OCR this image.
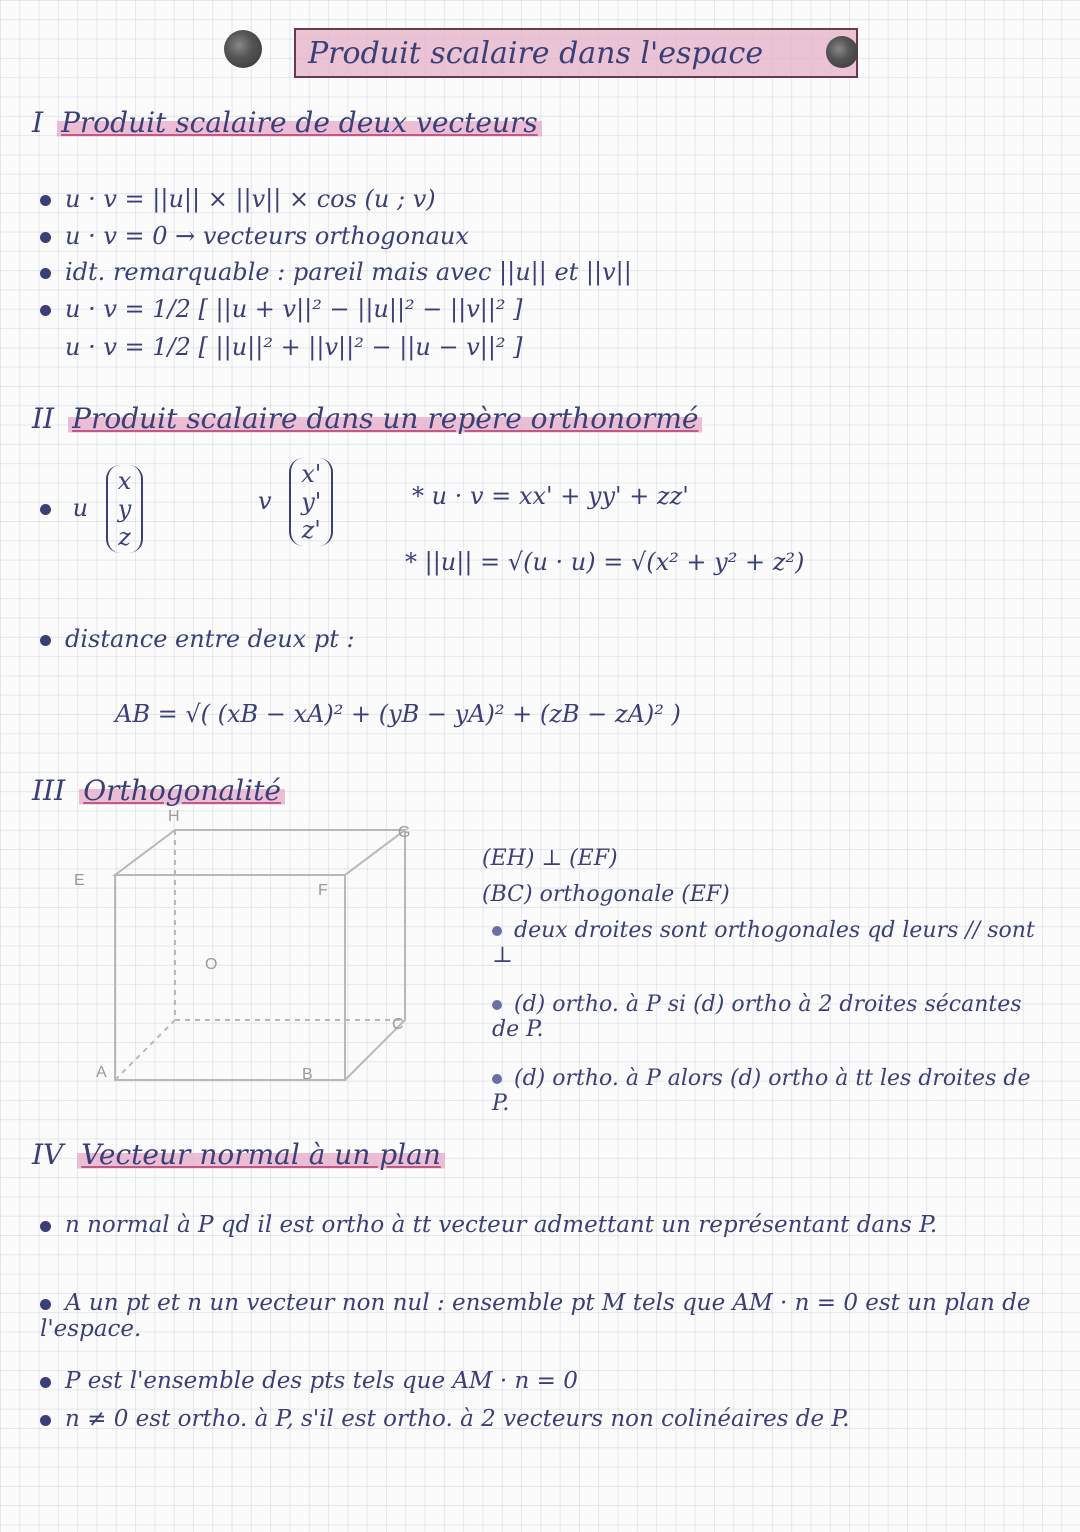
Produit scalaire dans l'espace
I Produit scalaire de deux vecteurs
u · v = ||u|| × ||v|| × cos (u ; v)
u · v = 0 → vecteurs orthogonaux
idt. remarquable : pareil mais avec ||u|| et ||v||
u · v = 1/2 [ ||u + v||² − ||u||² − ||v||² ]
u · v = 1/2 [ ||u||² + ||v||² − ||u − v||² ]
II Produit scalaire dans un repère orthonormé
u
x
y
z
v
x'
y'
z'
* u · v = xx' + yy' + zz'
* ||u|| = √(u · u) = √(x² + y² + z²)
distance entre deux pt :
AB = √( (xB − xA)² + (yB − yA)² + (zB − zA)² )
III Orthogonalité
H
E
F
G
O
A	B
C
(EH) ⊥ (EF)
(BC) orthogonale (EF)
deux droites sont orthogonales qd leurs // sont ⊥
(d) ortho. à P si (d) ortho à 2 droites sécantes de P.
(d) ortho. à P alors (d) ortho à tt les droites de P.
IV Vecteur normal à un plan
n normal à P qd il est ortho à tt vecteur admettant un représentant dans P.
A un pt et n un vecteur non nul : ensemble pt M tels que AM · n = 0 est un plan de l'espace.
P est l'ensemble des pts tels que AM · n = 0
n ≠ 0 est ortho. à P, s'il est ortho. à 2 vecteurs non colinéaires de P.
